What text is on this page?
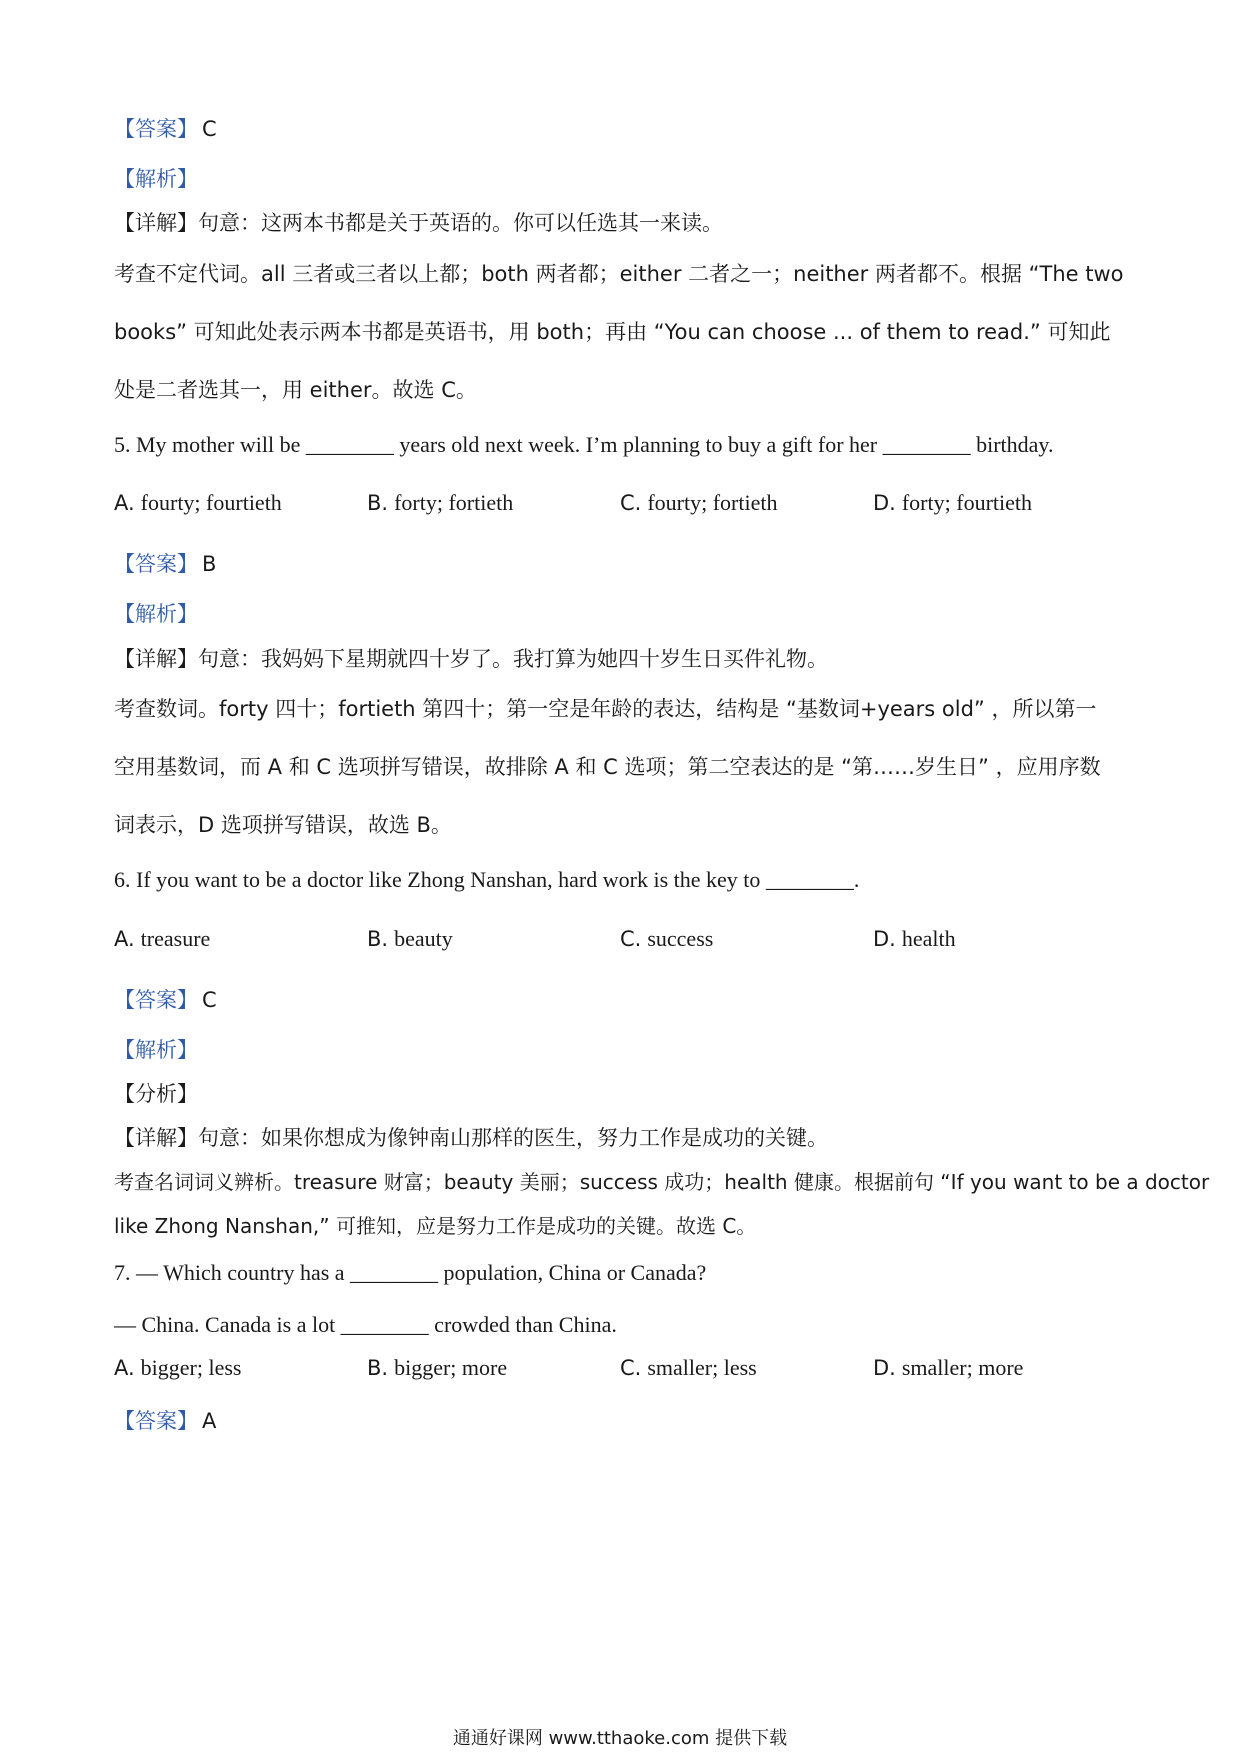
【答案】 C
【解析】
【详解】句意：这两本书都是关于英语的。你可以任选其一来读。
考查不定代词。all 三者或三者以上都；both 两者都；either 二者之一；neither 两者都不。根据 “The two
books” 可知此处表示两本书都是英语书，用 both；再由 “You can choose ... of them to read.” 可知此
处是二者选其一，用 either。故选 C。
5. My mother will be ________ years old next week. I’m planning to buy a gift for her ________ birthday.
A. fourty; fourtieth	B. forty; fortieth	C. fourty; fortieth	D. forty; fourtieth
【答案】 B
【解析】
【详解】句意：我妈妈下星期就四十岁了。我打算为她四十岁生日买件礼物。
考查数词。forty 四十；fortieth 第四十；第一空是年龄的表达，结构是 “基数词+years old” ，所以第一
空用基数词，而 A 和 C 选项拼写错误，故排除 A 和 C 选项；第二空表达的是 “第……岁生日” ，应用序数
词表示，D 选项拼写错误，故选 B。
6. If you want to be a doctor like Zhong Nanshan, hard work is the key to ________.
A. treasure	B. beauty	C. success	D. health
【答案】 C
【解析】
【分析】
【详解】句意：如果你想成为像钟南山那样的医生，努力工作是成功的关键。
考查名词词义辨析。treasure 财富；beauty 美丽；success 成功；health 健康。根据前句 “If you want to be a doctor
like Zhong Nanshan,” 可推知，应是努力工作是成功的关键。故选 C。
7. — Which country has a ________ population, China or Canada?
— China. Canada is a lot ________ crowded than China.
A. bigger; less	B. bigger; more	C. smaller; less	D. smaller; more
【答案】 A
通通好课网 www.tthaoke.com 提供下载
